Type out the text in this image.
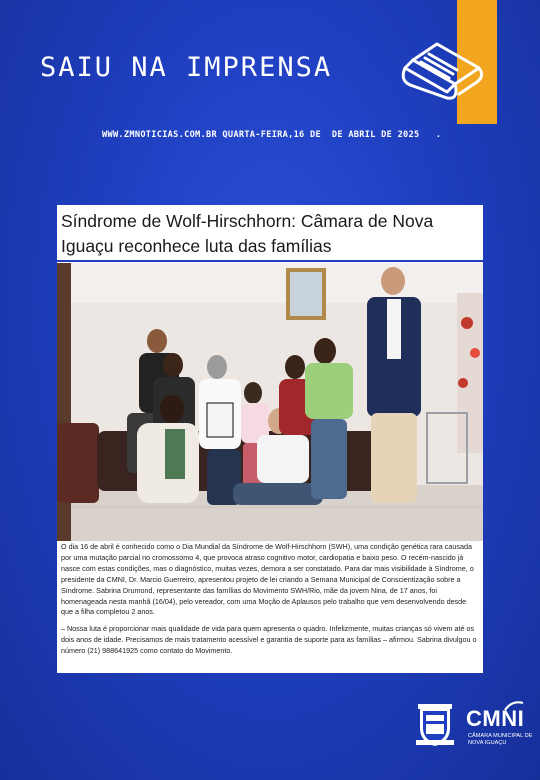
SAIU NA IMPRENSA
WWW.ZMNOTICIAS.COM.BR QUARTA-FEIRA,16 DE  DE ABRIL DE 2025   .
Síndrome de Wolf-Hirschhorn: Câmara de Nova Iguaçu reconhece luta das famílias

O dia 16 de abril é conhecido como o Dia Mundial da Síndrome de Wolf-Hirschhorn (SWH), uma condição genética rara causada por uma mutação parcial no cromossomo 4, que provoca atraso cognitivo motor, cardiopatia e baixo peso. O recém-nascido já nasce com estas condições, mas o diagnóstico, muitas vezes, demora a ser constatado. Para dar mais visibilidade à Síndrome, o presidente da CMNI, Dr. Marcio Guerreiro, apresentou projeto de lei criando a Semana Municipal de Conscientização sobre a Síndrome. Sabrina Drumond, representante das famílias do Movimento SWH/Rio, mãe da jovem Nina, de 17 anos, foi homenageada nesta manhã (16/04), pelo vereador, com uma Moção de Aplausos pelo trabalho que vem desenvolvendo desde que a filha completou 2 anos.

– Nossa luta é proporcionar mais qualidade de vida para quem apresenta o quadro. Infelizmente, muitas crianças só vivem até os dois anos de idade. Precisamos de mais tratamento acessível e garantia de suporte para as famílias – afirmou. Sabrina divulgou o número (21) 988641925 como contato do Movimento.

CMNI
CÂMARA MUNICIPAL DE NOVA IGUAÇU
